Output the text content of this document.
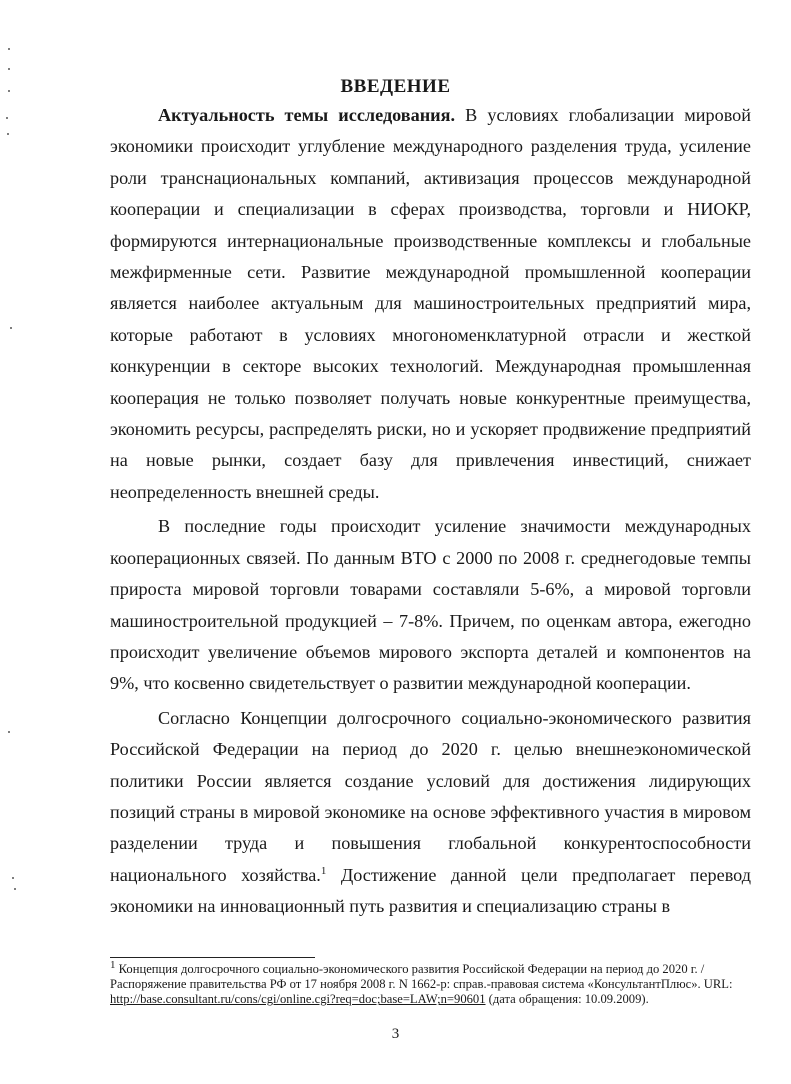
ВВЕДЕНИЕ

Актуальность темы исследования. В условиях глобализации мировой экономики происходит углубление международного разделения труда, усиление роли транснациональных компаний, активизация процессов международной кооперации и специализации в сферах производства, торговли и НИОКР, формируются интернациональные производственные комплексы и глобальные межфирменные сети. Развитие международной промышленной кооперации является наиболее актуальным для машиностроительных предприятий мира, которые работают в условиях многономенклатурной отрасли и жесткой конкуренции в секторе высоких технологий. Международная промышленная кооперация не только позволяет получать новые конкурентные преимущества, экономить ресурсы, распределять риски, но и ускоряет продвижение предприятий на новые рынки, создает базу для привлечения инвестиций, снижает неопределенность внешней среды.

В последние годы происходит усиление значимости международных кооперационных связей. По данным ВТО с 2000 по 2008 г. среднегодовые темпы прироста мировой торговли товарами составляли 5-6%, а мировой торговли машиностроительной продукцией – 7-8%. Причем, по оценкам автора, ежегодно происходит увеличение объемов мирового экспорта деталей и компонентов на 9%, что косвенно свидетельствует о развитии международной кооперации.

Согласно Концепции долгосрочного социально-экономического развития Российской Федерации на период до 2020 г. целью внешнеэкономической политики России является создание условий для достижения лидирующих позиций страны в мировой экономике на основе эффективного участия в мировом разделении труда и повышения глобальной конкурентоспособности национального хозяйства.$^1$ Достижение данной цели предполагает перевод экономики на инновационный путь развития и специализацию страны в

$^1$ Концепция долгосрочного социально-экономического развития Российской Федерации на период до 2020 г. / Распоряжение правительства РФ от 17 ноября 2008 г. N 1662-р: справ.-правовая система «КонсультантПлюс». URL: http://base.consultant.ru/cons/cgi/online.cgi?req=doc;base=LAW;n=90601 (дата обращения: 10.09.2009).
3
